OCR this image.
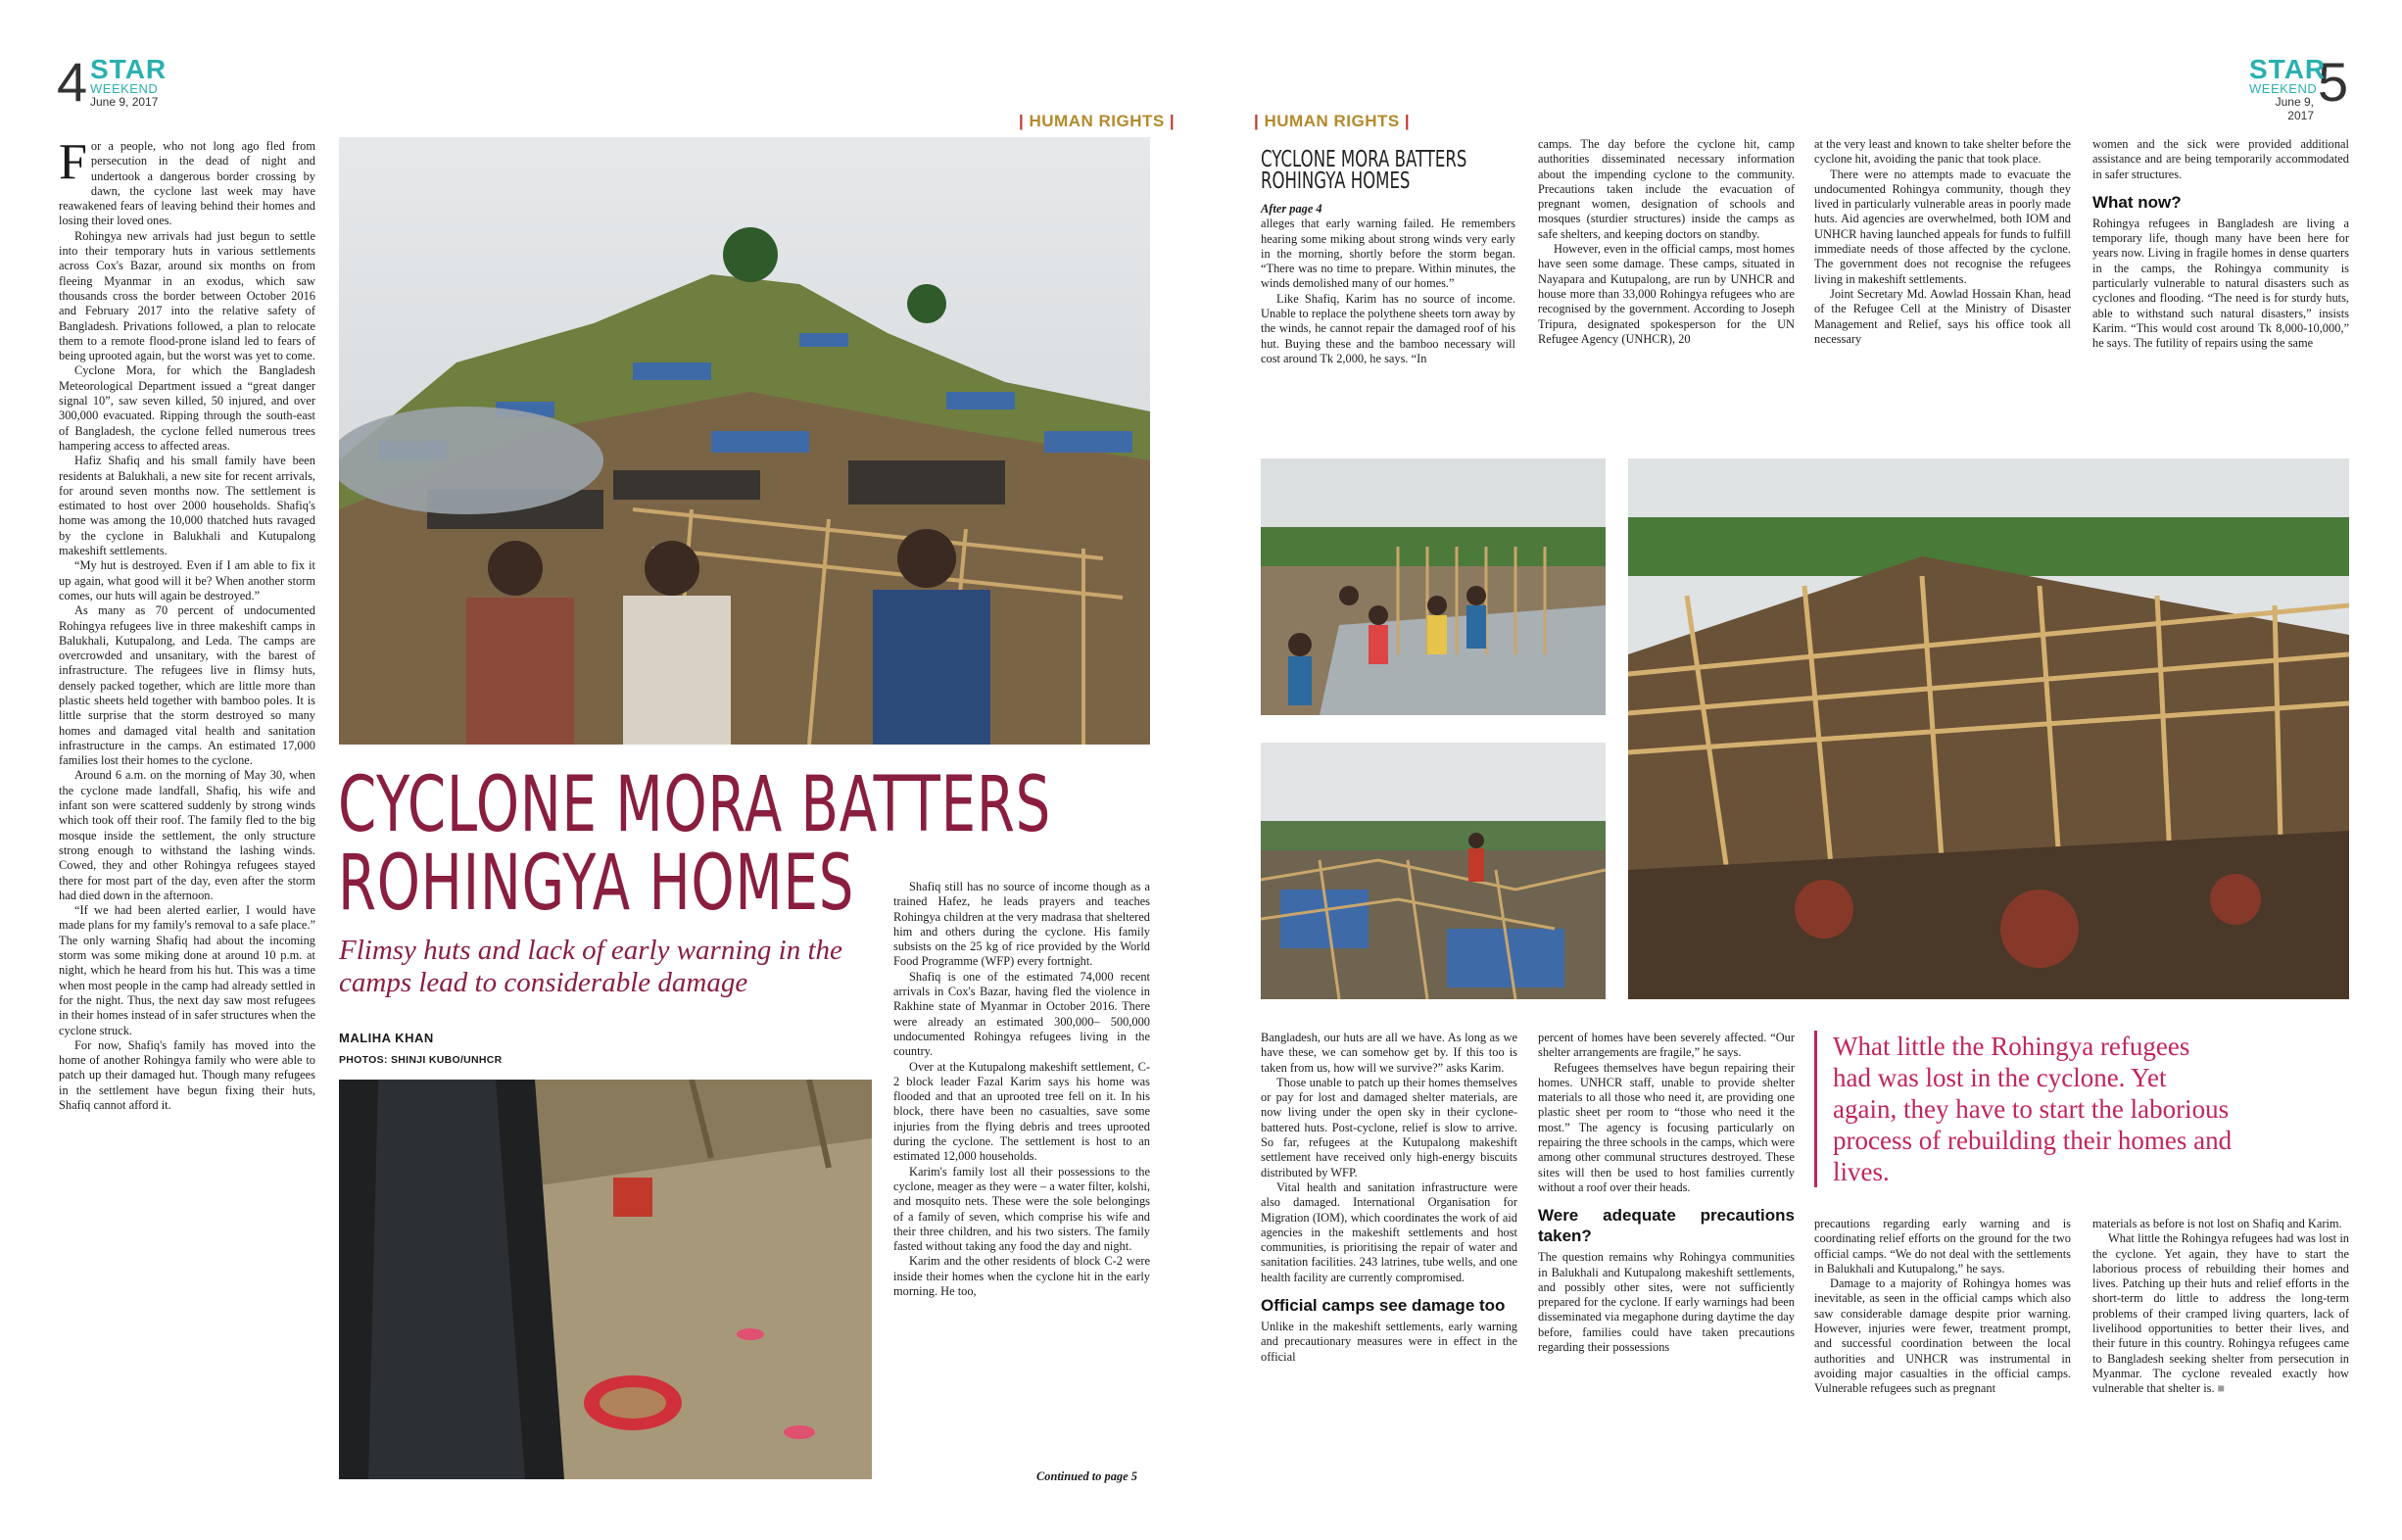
4 STAR
WEEKEND
June 9, 2017
| HUMAN RIGHTS |
5
STAR
WEEKEND
June 9, 2017
| HUMAN RIGHTS |

For a people, who not long ago fled from persecution in the dead of night and undertook a dangerous border crossing by dawn, the cyclone last week may have reawakened fears of leaving behind their homes and losing their loved ones.

Rohingya new arrivals had just begun to settle into their temporary huts in various settlements across Cox's Bazar, around six months on from fleeing Myanmar in an exodus, which saw thousands cross the border between October 2016 and February 2017 into the relative safety of Bangladesh. Privations followed, a plan to relocate them to a remote flood-prone island led to fears of being uprooted again, but the worst was yet to come.

Cyclone Mora, for which the Bangladesh Meteorological Department issued a “great danger signal 10”, saw seven killed, 50 injured, and over 300,000 evacuated. Ripping through the south-east of Bangladesh, the cyclone felled numerous trees hampering access to affected areas.

Hafiz Shafiq and his small family have been residents at Balukhali, a new site for recent arrivals, for around seven months now. The settlement is estimated to host over 2000 households. Shafiq's home was among the 10,000 thatched huts ravaged by the cyclone in Balukhali and Kutupalong makeshift settlements.

“My hut is destroyed. Even if I am able to fix it up again, what good will it be? When another storm comes, our huts will again be destroyed.”

As many as 70 percent of undocumented Rohingya refugees live in three makeshift camps in Balukhali, Kutupalong, and Leda. The camps are overcrowded and unsanitary, with the barest of infrastructure. The refugees live in flimsy huts, densely packed together, which are little more than plastic sheets held together with bamboo poles. It is little surprise that the storm destroyed so many homes and damaged vital health and sanitation infrastructure in the camps. An estimated 17,000 families lost their homes to the cyclone.

Around 6 a.m. on the morning of May 30, when the cyclone made landfall, Shafiq, his wife and infant son were scattered suddenly by strong winds which took off their roof. The family fled to the big mosque inside the settlement, the only structure strong enough to withstand the lashing winds. Cowed, they and other Rohingya refugees stayed there for most part of the day, even after the storm had died down in the afternoon.

“If we had been alerted earlier, I would have made plans for my family's removal to a safe place.” The only warning Shafiq had about the incoming storm was some miking done at around 10 p.m. at night, which he heard from his hut. This was a time when most people in the camp had already settled in for the night. Thus, the next day saw most refugees in their homes instead of in safer structures when the cyclone struck.

For now, Shafiq's family has moved into the home of another Rohingya family who were able to patch up their damaged hut. Though many refugees in the settlement have begun fixing their huts, Shafiq cannot afford it.

CYCLONE MORA BATTERS
ROHINGYA HOMES
Flimsy huts and lack of early warning in the camps lead to considerable damage
MALIHA KHAN
PHOTOS: SHINJI KUBO/UNHCR

Shafiq still has no source of income though as a trained Hafez, he leads prayers and teaches Rohingya children at the very madrasa that sheltered him and others during the cyclone. His family subsists on the 25 kg of rice provided by the World Food Programme (WFP) every fortnight.

Shafiq is one of the estimated 74,000 recent arrivals in Cox's Bazar, having fled the violence in Rakhine state of Myanmar in October 2016. There were already an estimated 300,000– 500,000 undocumented Rohingya refugees living in the country.

Over at the Kutupalong makeshift settlement, C-2 block leader Fazal Karim says his home was flooded and that an uprooted tree fell on it. In his block, there have been no casualties, save some injuries from the flying debris and trees uprooted during the cyclone. The settlement is host to an estimated 12,000 households.

Karim's family lost all their possessions to the cyclone, meager as they were – a water filter, kolshi, and mosquito nets. These were the sole belongings of a family of seven, which comprise his wife and their three children, and his two sisters. The family fasted without taking any food the day and night.

Karim and the other residents of block C-2 were inside their homes when the cyclone hit in the early morning. He too,

Continued to page 5
CYCLONE MORA BATTERS
ROHINGYA HOMES

After page 4

alleges that early warning failed. He remembers hearing some miking about strong winds very early in the morning, shortly before the storm began. “There was no time to prepare. Within minutes, the winds demolished many of our homes.”

Like Shafiq, Karim has no source of income. Unable to replace the polythene sheets torn away by the winds, he cannot repair the damaged roof of his hut. Buying these and the bamboo necessary will cost around Tk 2,000, he says. “In

camps. The day before the cyclone hit, camp authorities disseminated necessary information about the impending cyclone to the community. Precautions taken include the evacuation of pregnant women, designation of schools and mosques (sturdier structures) inside the camps as safe shelters, and keeping doctors on standby.

However, even in the official camps, most homes have seen some damage. These camps, situated in Nayapara and Kutupalong, are run by UNHCR and house more than 33,000 Rohingya refugees who are recognised by the government. According to Joseph Tripura, designated spokesperson for the UN Refugee Agency (UNHCR), 20

at the very least and known to take shelter before the cyclone hit, avoiding the panic that took place.

There were no attempts made to evacuate the undocumented Rohingya community, though they lived in particularly vulnerable areas in poorly made huts. Aid agencies are overwhelmed, both IOM and UNHCR having launched appeals for funds to fulfill immediate needs of those affected by the cyclone. The government does not recognise the refugees living in makeshift settlements.

Joint Secretary Md. Aowlad Hossain Khan, head of the Refugee Cell at the Ministry of Disaster Management and Relief, says his office took all necessary

women and the sick were provided additional assistance and are being temporarily accommodated in safer structures.

What now?

Rohingya refugees in Bangladesh are living a temporary life, though many have been here for years now. Living in fragile homes in dense quarters in the camps, the Rohingya community is particularly vulnerable to natural disasters such as cyclones and flooding. “The need is for sturdy huts, able to withstand such natural disasters,” insists Karim. “This would cost around Tk 8,000-10,000,” he says. The futility of repairs using the same

Bangladesh, our huts are all we have. As long as we have these, we can somehow get by. If this too is taken from us, how will we survive?” asks Karim.

Those unable to patch up their homes themselves or pay for lost and damaged shelter materials, are now living under the open sky in their cyclone-battered huts. Post-cyclone, relief is slow to arrive. So far, refugees at the Kutupalong makeshift settlement have received only high-energy biscuits distributed by WFP.

Vital health and sanitation infrastructure were also damaged. International Organisation for Migration (IOM), which coordinates the work of aid agencies in the makeshift settlements and host communities, is prioritising the repair of water and sanitation facilities. 243 latrines, tube wells, and one health facility are currently compromised.

Official camps see damage too

Unlike in the makeshift settlements, early warning and precautionary measures were in effect in the official

percent of homes have been severely affected. “Our shelter arrangements are fragile,” he says.

Refugees themselves have begun repairing their homes. UNHCR staff, unable to provide shelter materials to all those who need it, are providing one plastic sheet per room to “those who need it the most.” The agency is focusing particularly on repairing the three schools in the camps, which were among other communal structures destroyed. These sites will then be used to host families currently without a roof over their heads.

Were adequate precautions taken?

The question remains why Rohingya communities in Balukhali and Kutupalong makeshift settlements, and possibly other sites, were not sufficiently prepared for the cyclone. If early warnings had been disseminated via megaphone during daytime the day before, families could have taken precautions regarding their possessions

What little the Rohingya refugees had was lost in the cyclone. Yet again, they have to start the laborious process of rebuilding their homes and lives.

precautions regarding early warning and is coordinating relief efforts on the ground for the two official camps. “We do not deal with the settlements in Balukhali and Kutupalong,” he says.

Damage to a majority of Rohingya homes was inevitable, as seen in the official camps which also saw considerable damage despite prior warning. However, injuries were fewer, treatment prompt, and successful coordination between the local authorities and UNHCR was instrumental in avoiding major casualties in the official camps. Vulnerable refugees such as pregnant

materials as before is not lost on Shafiq and Karim.

What little the Rohingya refugees had was lost in the cyclone. Yet again, they have to start the laborious process of rebuilding their homes and lives. Patching up their huts and relief efforts in the short-term do little to address the long-term problems of their cramped living quarters, lack of livelihood opportunities to better their lives, and their future in this country. Rohingya refugees came to Bangladesh seeking shelter from persecution in Myanmar. The cyclone revealed exactly how vulnerable that shelter is. ■
